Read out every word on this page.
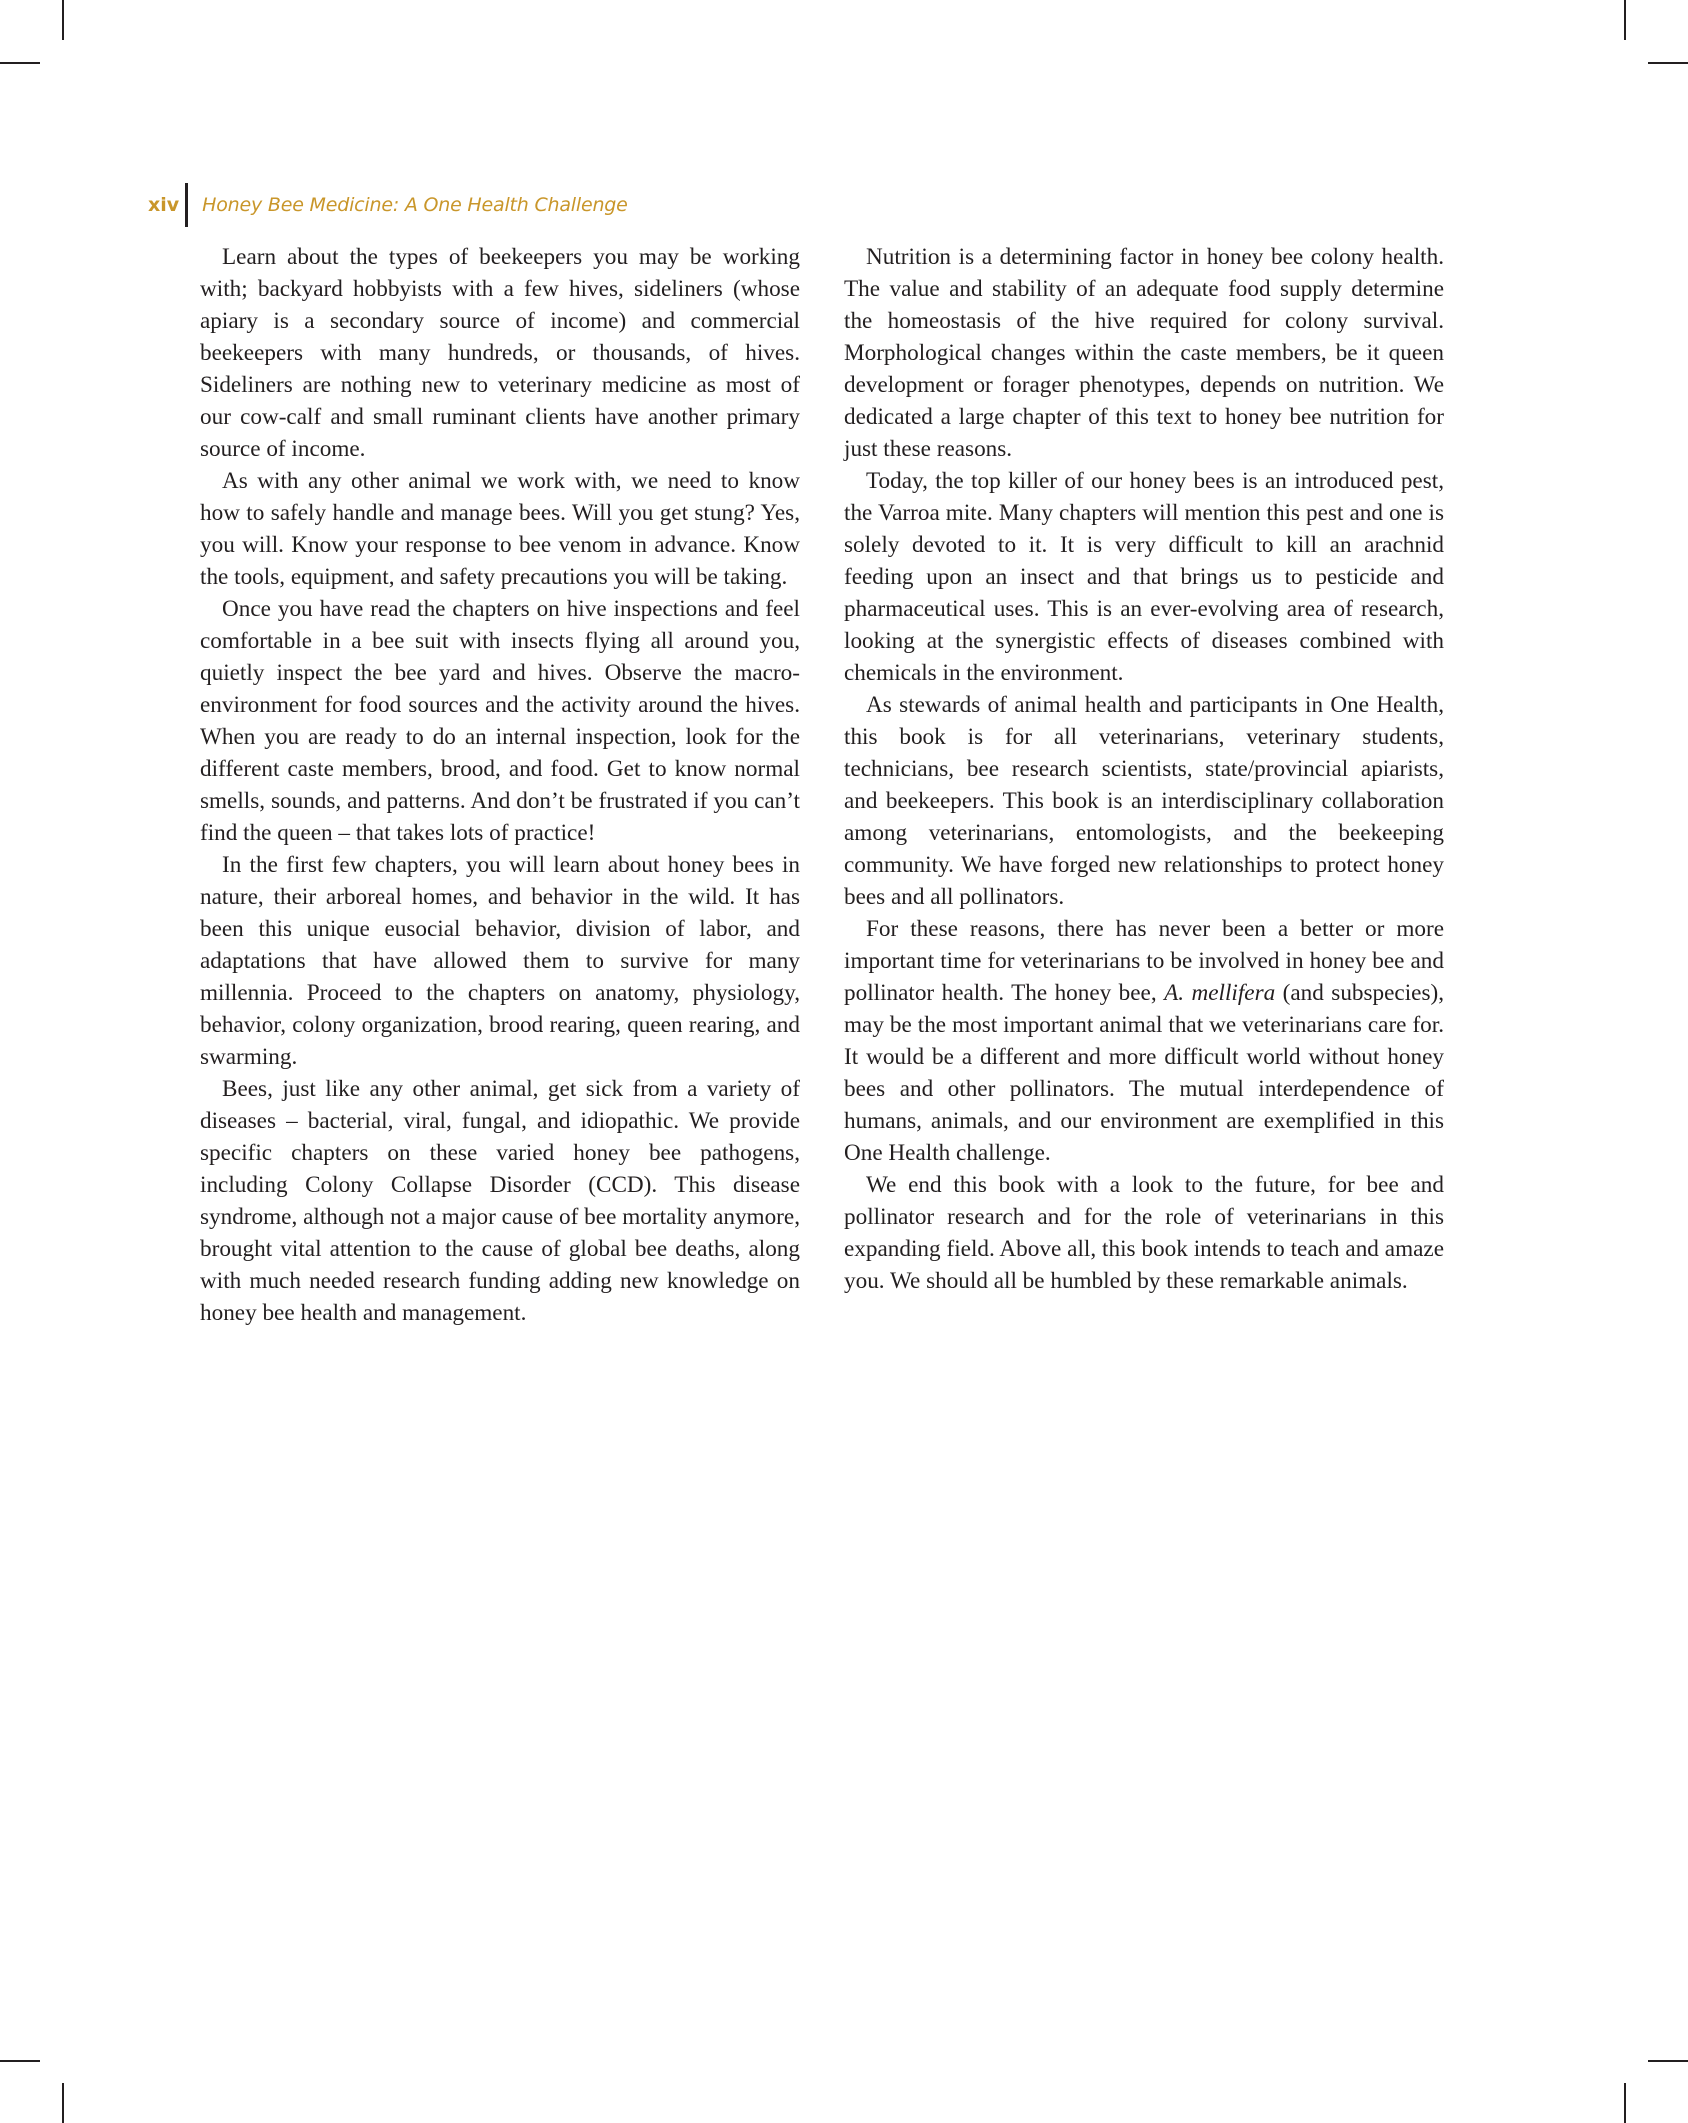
xiv	Honey Bee Medicine: A One Health Challenge

Learn about the types of beekeepers you may be working with; backyard hobbyists with a few hives, sideliners (whose apiary is a secondary source of income) and commercial beekeepers with many hundreds, or thousands, of hives. Sideliners are nothing new to veterinary medicine as most of our cow-calf and small ruminant clients have another primary source of income.

As with any other animal we work with, we need to know how to safely handle and manage bees. Will you get stung? Yes, you will. Know your response to bee venom in advance. Know the tools, equipment, and safety precautions you will be taking.

Once you have read the chapters on hive inspections and feel comfortable in a bee suit with insects flying all around you, quietly inspect the bee yard and hives. Observe the macro-environment for food sources and the activity around the hives. When you are ready to do an internal inspection, look for the different caste members, brood, and food. Get to know normal smells, sounds, and patterns. And don’t be frustrated if you can’t find the queen – that takes lots of practice!

In the first few chapters, you will learn about honey bees in nature, their arboreal homes, and behavior in the wild. It has been this unique eusocial behavior, division of labor, and adaptations that have allowed them to survive for many millennia. Proceed to the chapters on anatomy, physiology, behavior, colony organization, brood rearing, queen rearing, and swarming.

Bees, just like any other animal, get sick from a variety of diseases – bacterial, viral, fungal, and idiopathic. We provide specific chapters on these varied honey bee pathogens, including Colony Collapse Disorder (CCD). This disease syndrome, although not a major cause of bee mortality anymore, brought vital attention to the cause of global bee deaths, along with much needed research funding adding new knowledge on honey bee health and management.

Nutrition is a determining factor in honey bee colony health. The value and stability of an adequate food supply determine the homeostasis of the hive required for colony survival. Morphological changes within the caste members, be it queen development or forager phenotypes, depends on nutrition. We dedicated a large chapter of this text to honey bee nutrition for just these reasons.

Today, the top killer of our honey bees is an introduced pest, the Varroa mite. Many chapters will mention this pest and one is solely devoted to it. It is very difficult to kill an arachnid feeding upon an insect and that brings us to pesticide and pharmaceutical uses. This is an ever-evolving area of research, looking at the synergistic effects of diseases combined with chemicals in the environment.

As stewards of animal health and participants in One Health, this book is for all veterinarians, veterinary students, technicians, bee research scientists, state/provincial apiarists, and beekeepers. This book is an interdisciplinary collaboration among veterinarians, entomologists, and the beekeeping community. We have forged new relationships to protect honey bees and all pollinators.

For these reasons, there has never been a better or more important time for veterinarians to be involved in honey bee and pollinator health. The honey bee, A. mellifera (and subspecies), may be the most important animal that we veterinarians care for. It would be a different and more difficult world without honey bees and other pollinators. The mutual interdependence of humans, animals, and our environment are exemplified in this One Health challenge.

We end this book with a look to the future, for bee and pollinator research and for the role of veterinarians in this expanding field. Above all, this book intends to teach and amaze you. We should all be humbled by these remarkable animals.
